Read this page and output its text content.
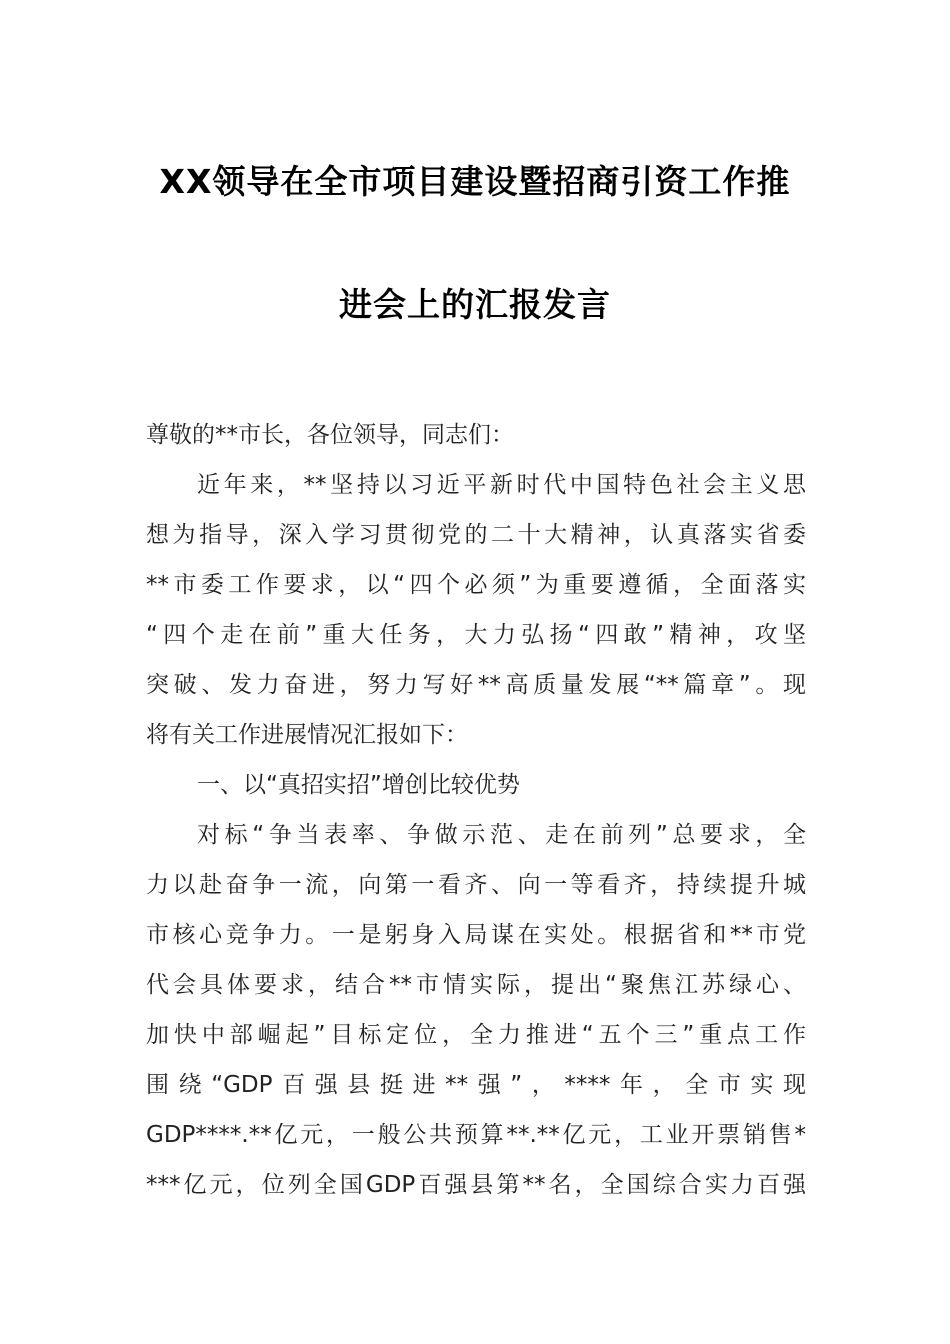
XX领导在全市项目建设暨招商引资工作推
进会上的汇报发言
尊敬的**市长，各位领导，同志们：
近年来，**坚持以习近平新时代中国特色社会主义思
想为指导，深入学习贯彻党的二十大精神，认真落实省委
**市委工作要求，以“四个必须”为重要遵循，全面落实
“四个走在前”重大任务，大力弘扬“四敢”精神，攻坚
突破、发力奋进，努力写好**高质量发展“**篇章”。现
将有关工作进展情况汇报如下：
一、以“真招实招”增创比较优势
对标“争当表率、争做示范、走在前列”总要求，全
力以赴奋争一流，向第一看齐、向一等看齐，持续提升城
市核心竞争力。一是躬身入局谋在实处。根据省和**市党
代会具体要求，结合**市情实际，提出“聚焦江苏绿心、
加快中部崛起”目标定位，全力推进“五个三”重点工作
围绕“GDP百强县挺进**强”，****年，全市实现
GDP****.**亿元，一般公共预算**.**亿元，工业开票销售*
***亿元，位列全国GDP百强县第**名，全国综合实力百强
